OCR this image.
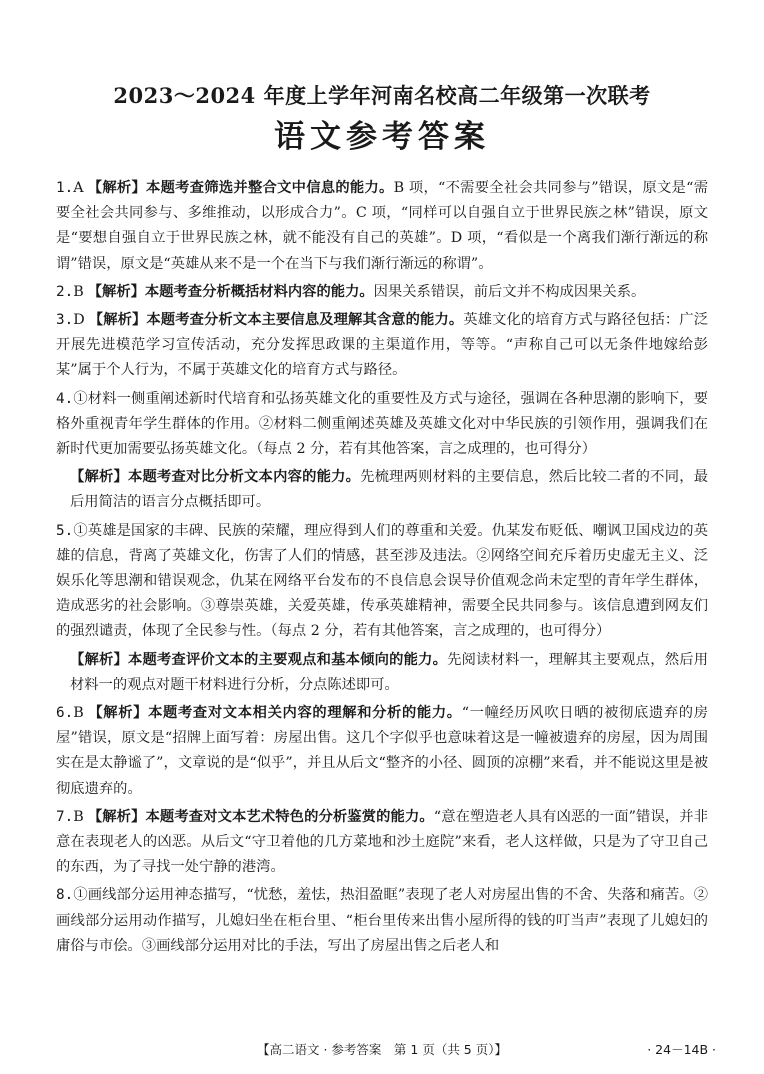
2023～2024 年度上学年河南名校高二年级第一次联考
语文参考答案

1.A 【解析】本题考查筛选并整合文中信息的能力。B 项，“不需要全社会共同参与”错误，原文是“需要全社会共同参与、多维推动，以形成合力”。C 项，“同样可以自强自立于世界民族之林”错误，原文是“要想自强自立于世界民族之林，就不能没有自己的英雄”。D 项，“看似是一个离我们渐行渐远的称谓”错误，原文是“英雄从来不是一个在当下与我们渐行渐远的称谓”。

2.B 【解析】本题考查分析概括材料内容的能力。因果关系错误，前后文并不构成因果关系。

3.D 【解析】本题考查分析文本主要信息及理解其含意的能力。英雄文化的培育方式与路径包括：广泛开展先进模范学习宣传活动，充分发挥思政课的主渠道作用，等等。“声称自己可以无条件地嫁给彭某”属于个人行为，不属于英雄文化的培育方式与路径。

4.①材料一侧重阐述新时代培育和弘扬英雄文化的重要性及方式与途径，强调在各种思潮的影响下，要格外重视青年学生群体的作用。②材料二侧重阐述英雄及英雄文化对中华民族的引领作用，强调我们在新时代更加需要弘扬英雄文化。（每点 2 分，若有其他答案，言之成理的，也可得分）

【解析】本题考查对比分析文本内容的能力。先梳理两则材料的主要信息，然后比较二者的不同，最后用简洁的语言分点概括即可。

5.①英雄是国家的丰碑、民族的荣耀，理应得到人们的尊重和关爱。仇某发布贬低、嘲讽卫国戍边的英雄的信息，背离了英雄文化，伤害了人们的情感，甚至涉及违法。②网络空间充斥着历史虚无主义、泛娱乐化等思潮和错误观念，仇某在网络平台发布的不良信息会误导价值观念尚未定型的青年学生群体，造成恶劣的社会影响。③尊崇英雄，关爱英雄，传承英雄精神，需要全民共同参与。该信息遭到网友们的强烈谴责，体现了全民参与性。（每点 2 分，若有其他答案，言之成理的，也可得分）

【解析】本题考查评价文本的主要观点和基本倾向的能力。先阅读材料一，理解其主要观点，然后用材料一的观点对题干材料进行分析，分点陈述即可。

6.B 【解析】本题考查对文本相关内容的理解和分析的能力。“一幢经历风吹日晒的被彻底遗弃的房屋”错误，原文是“招牌上面写着：房屋出售。这几个字似乎也意味着这是一幢被遗弃的房屋，因为周围实在是太静谧了”，文章说的是“似乎”，并且从后文“整齐的小径、圆顶的凉棚”来看，并不能说这里是被彻底遗弃的。

7.B 【解析】本题考查对文本艺术特色的分析鉴赏的能力。“意在塑造老人具有凶恶的一面”错误，并非意在表现老人的凶恶。从后文“守卫着他的几方菜地和沙土庭院”来看，老人这样做，只是为了守卫自己的东西，为了寻找一处宁静的港湾。

8.①画线部分运用神态描写，“忧愁，羞怯，热泪盈眶”表现了老人对房屋出售的不舍、失落和痛苦。②画线部分运用动作描写，儿媳妇坐在柜台里、“柜台里传来出售小屋所得的钱的叮当声”表现了儿媳妇的庸俗与市侩。③画线部分运用对比的手法，写出了房屋出售之后老人和

【高二语文 · 参考答案　第 1 页（共 5 页）】	· 24－14B ·
